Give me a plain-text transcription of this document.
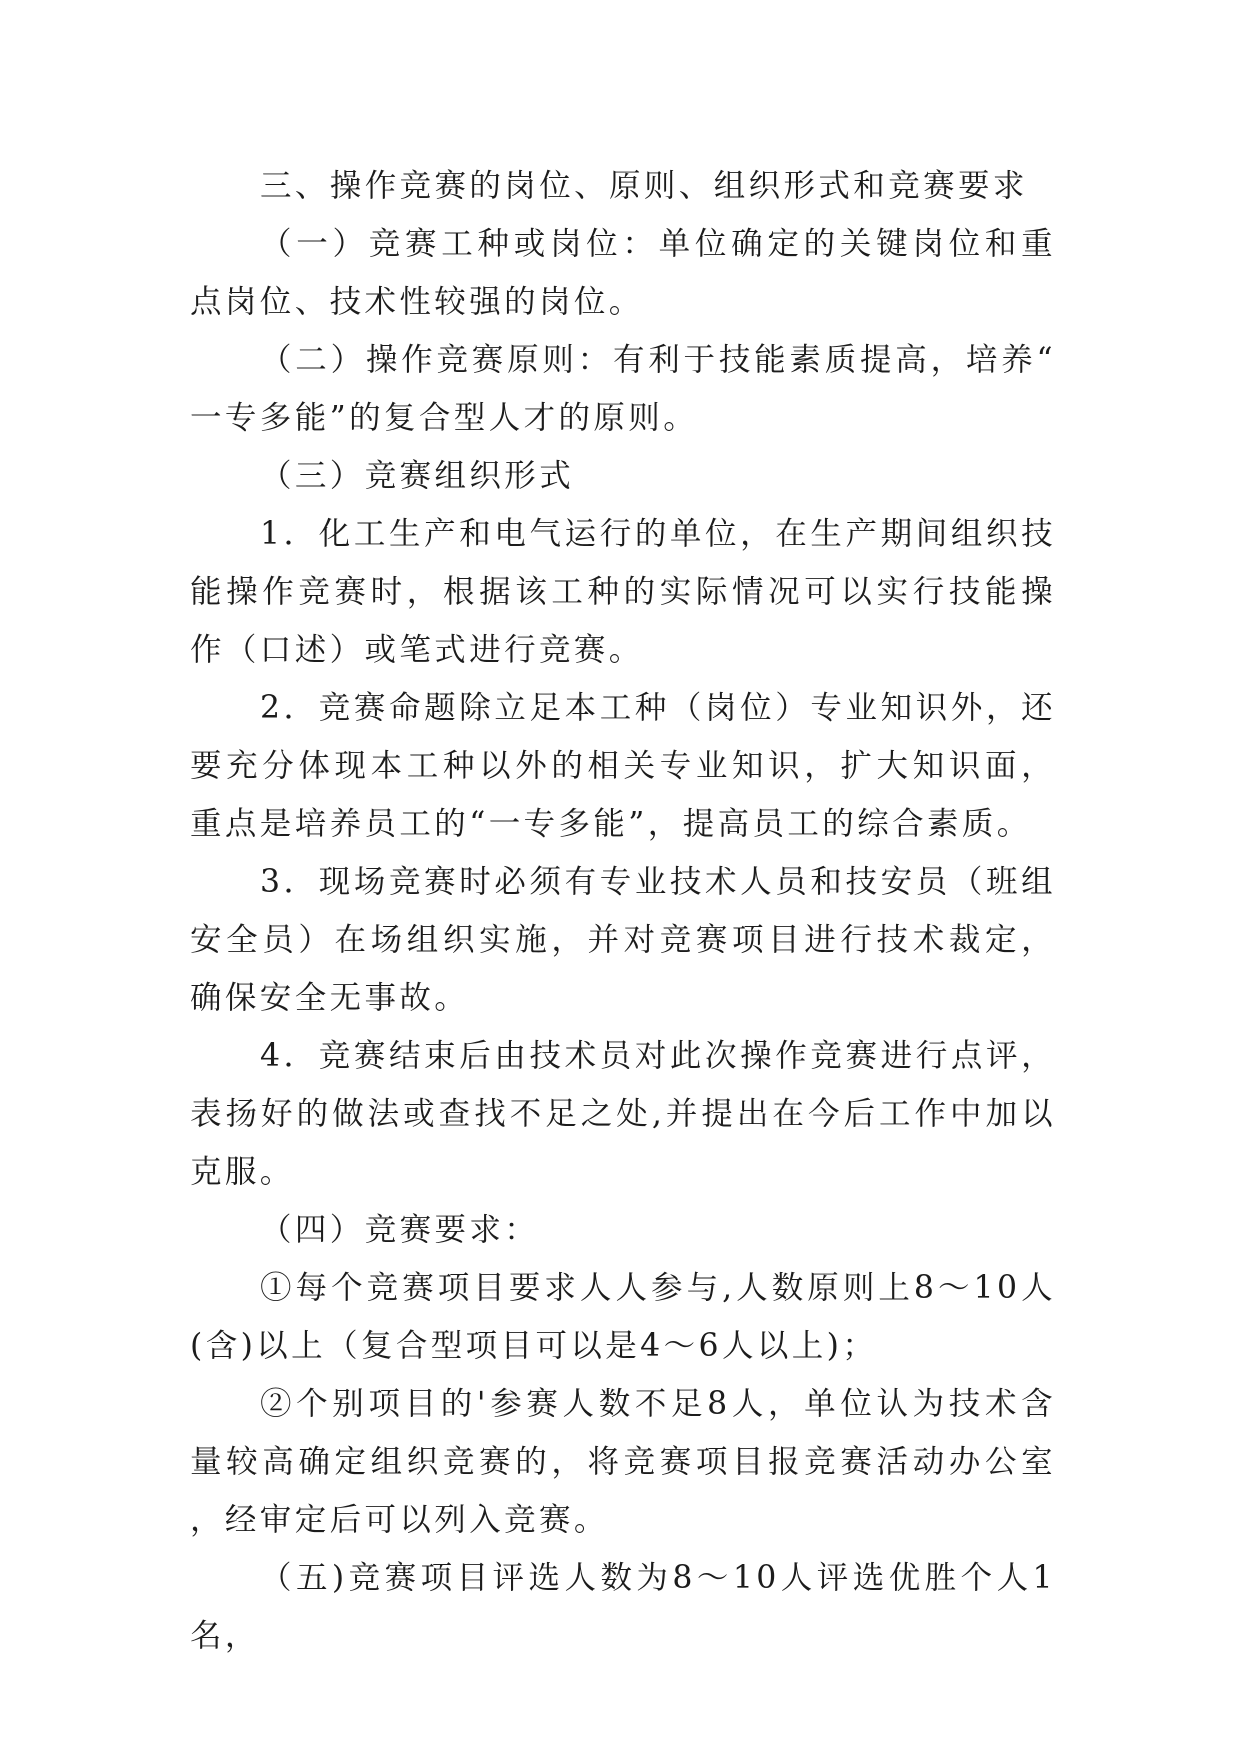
三、操作竞赛的岗位、原则、组织形式和竞赛要求

（一）竞赛工种或岗位：单位确定的关键岗位和重点岗位、技术性较强的岗位。

（二）操作竞赛原则：有利于技能素质提高，培养“一专多能”的复合型人才的原则。

（三）竞赛组织形式

1．化工生产和电气运行的单位，在生产期间组织技能操作竞赛时，根据该工种的实际情况可以实行技能操作（口述）或笔式进行竞赛。

2．竞赛命题除立足本工种（岗位）专业知识外，还要充分体现本工种以外的相关专业知识，扩大知识面，重点是培养员工的“一专多能”，提高员工的综合素质。

3．现场竞赛时必须有专业技术人员和技安员（班组安全员）在场组织实施，并对竞赛项目进行技术裁定，确保安全无事故。

4．竞赛结束后由技术员对此次操作竞赛进行点评，表扬好的做法或查找不足之处,并提出在今后工作中加以克服。

（四）竞赛要求：

①每个竞赛项目要求人人参与,人数原则上8～10人(含)以上（复合型项目可以是4～6人以上)；

②个别项目的'参赛人数不足8人，单位认为技术含量较高确定组织竞赛的，将竞赛项目报竞赛活动办公室，经审定后可以列入竞赛。

（五)竞赛项目评选人数为8～10人评选优胜个人1名，
